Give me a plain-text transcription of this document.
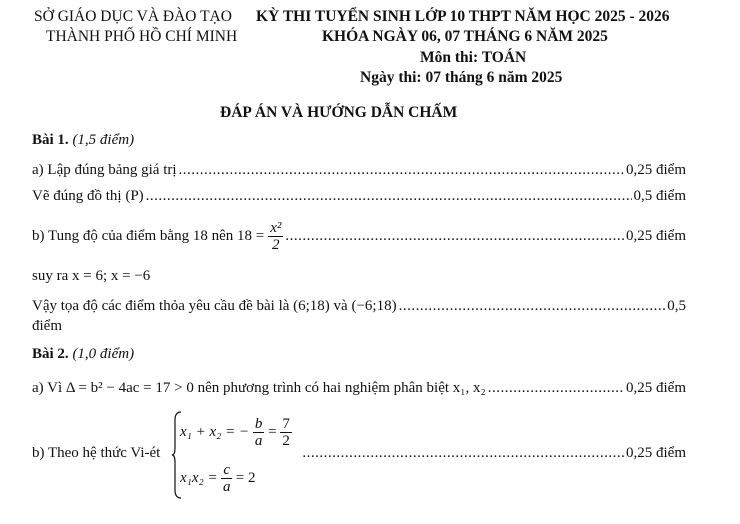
SỞ GIÁO DỤC VÀ ĐÀO TẠO
THÀNH PHỐ HỒ CHÍ MINH
KỲ THI TUYỂN SINH LỚP 10 THPT NĂM HỌC 2025 - 2026
KHÓA NGÀY 06, 07 THÁNG 6 NĂM 2025
Môn thi: TOÁN
Ngày thi: 07 tháng 6 năm 2025
ĐÁP ÁN VÀ HƯỚNG DẪN CHẤM
Bài 1. (1,5 điểm)
a) Lập đúng bảng giá trị .....	0,25 điểm
Vẽ đúng đồ thị (P) .....	0,5 điểm
b) Tung độ của điểm bằng 18 nên $18 = \frac{\text{x²}}{2}$ .....	0,25 điểm
suy ra x = 6; x = −6
Vậy tọa độ các điểm thỏa yêu cầu đề bài là (6;18) và (−6;18) .....	0,5
điểm
Bài 2. (1,0 điểm)
a) Vì Δ = b² − 4ac = 17 > 0 nên phương trình có hai nghiệm phân biệt x₁, x₂ .....	0,25 điểm
b) Theo hệ thức Vi-ét .....	0,25 điểm
x₁ + x₂ = − $\frac{b}{a} = \frac{7}{2}$
$x_1x_2 = \frac{c}{a} = 2$
